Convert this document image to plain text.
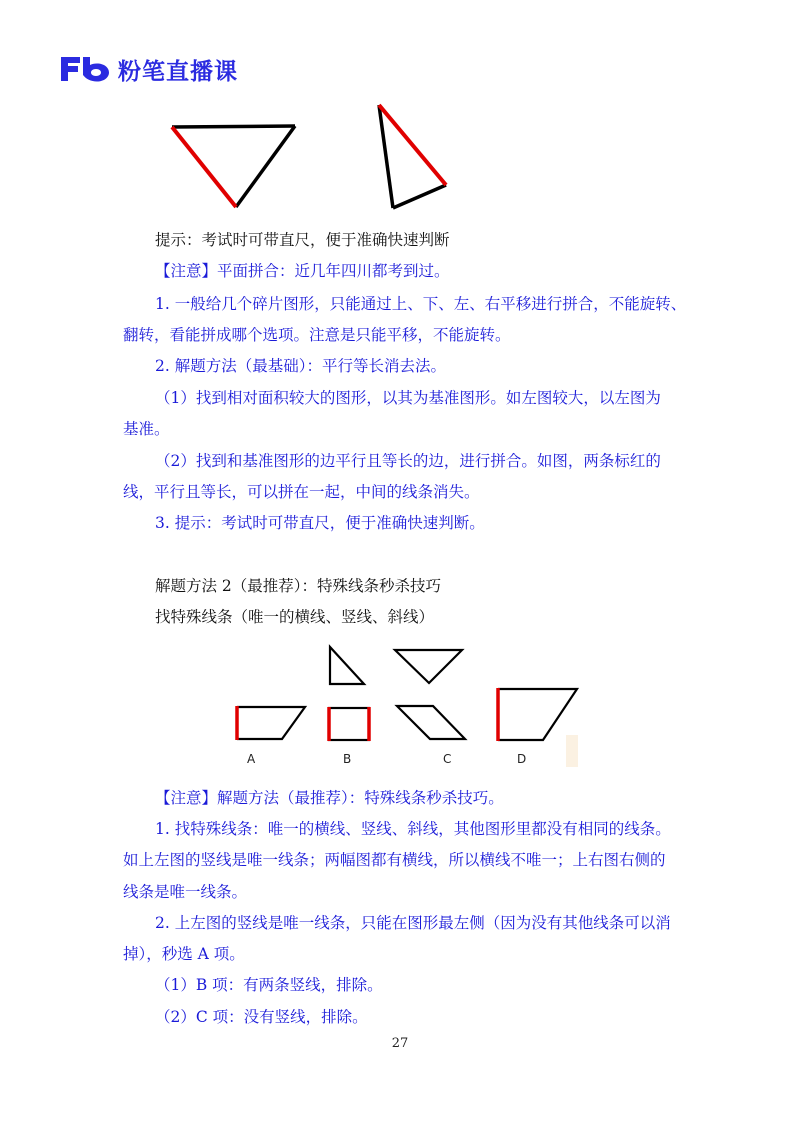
粉笔直播课
提示：考试时可带直尺，便于准确快速判断
【注意】平面拼合：近几年四川都考到过。
1. 一般给几个碎片图形，只能通过上、下、左、右平移进行拼合，不能旋转、
翻转，看能拼成哪个选项。注意是只能平移，不能旋转。
2. 解题方法（最基础）：平行等长消去法。
（1）找到相对面积较大的图形，以其为基准图形。如左图较大，以左图为
基准。
（2）找到和基准图形的边平行且等长的边，进行拼合。如图，两条标红的
线，平行且等长，可以拼在一起，中间的线条消失。
3. 提示：考试时可带直尺，便于准确快速判断。
解题方法 2（最推荐）：特殊线条秒杀技巧
找特殊线条（唯一的横线、竖线、斜线）
A	B	C	D
【注意】解题方法（最推荐）：特殊线条秒杀技巧。
1. 找特殊线条：唯一的横线、竖线、斜线，其他图形里都没有相同的线条。
如上左图的竖线是唯一线条；两幅图都有横线，所以横线不唯一；上右图右侧的
线条是唯一线条。
2. 上左图的竖线是唯一线条，只能在图形最左侧（因为没有其他线条可以消
掉），秒选 A 项。
（1）B 项：有两条竖线，排除。
（2）C 项：没有竖线，排除。
27
